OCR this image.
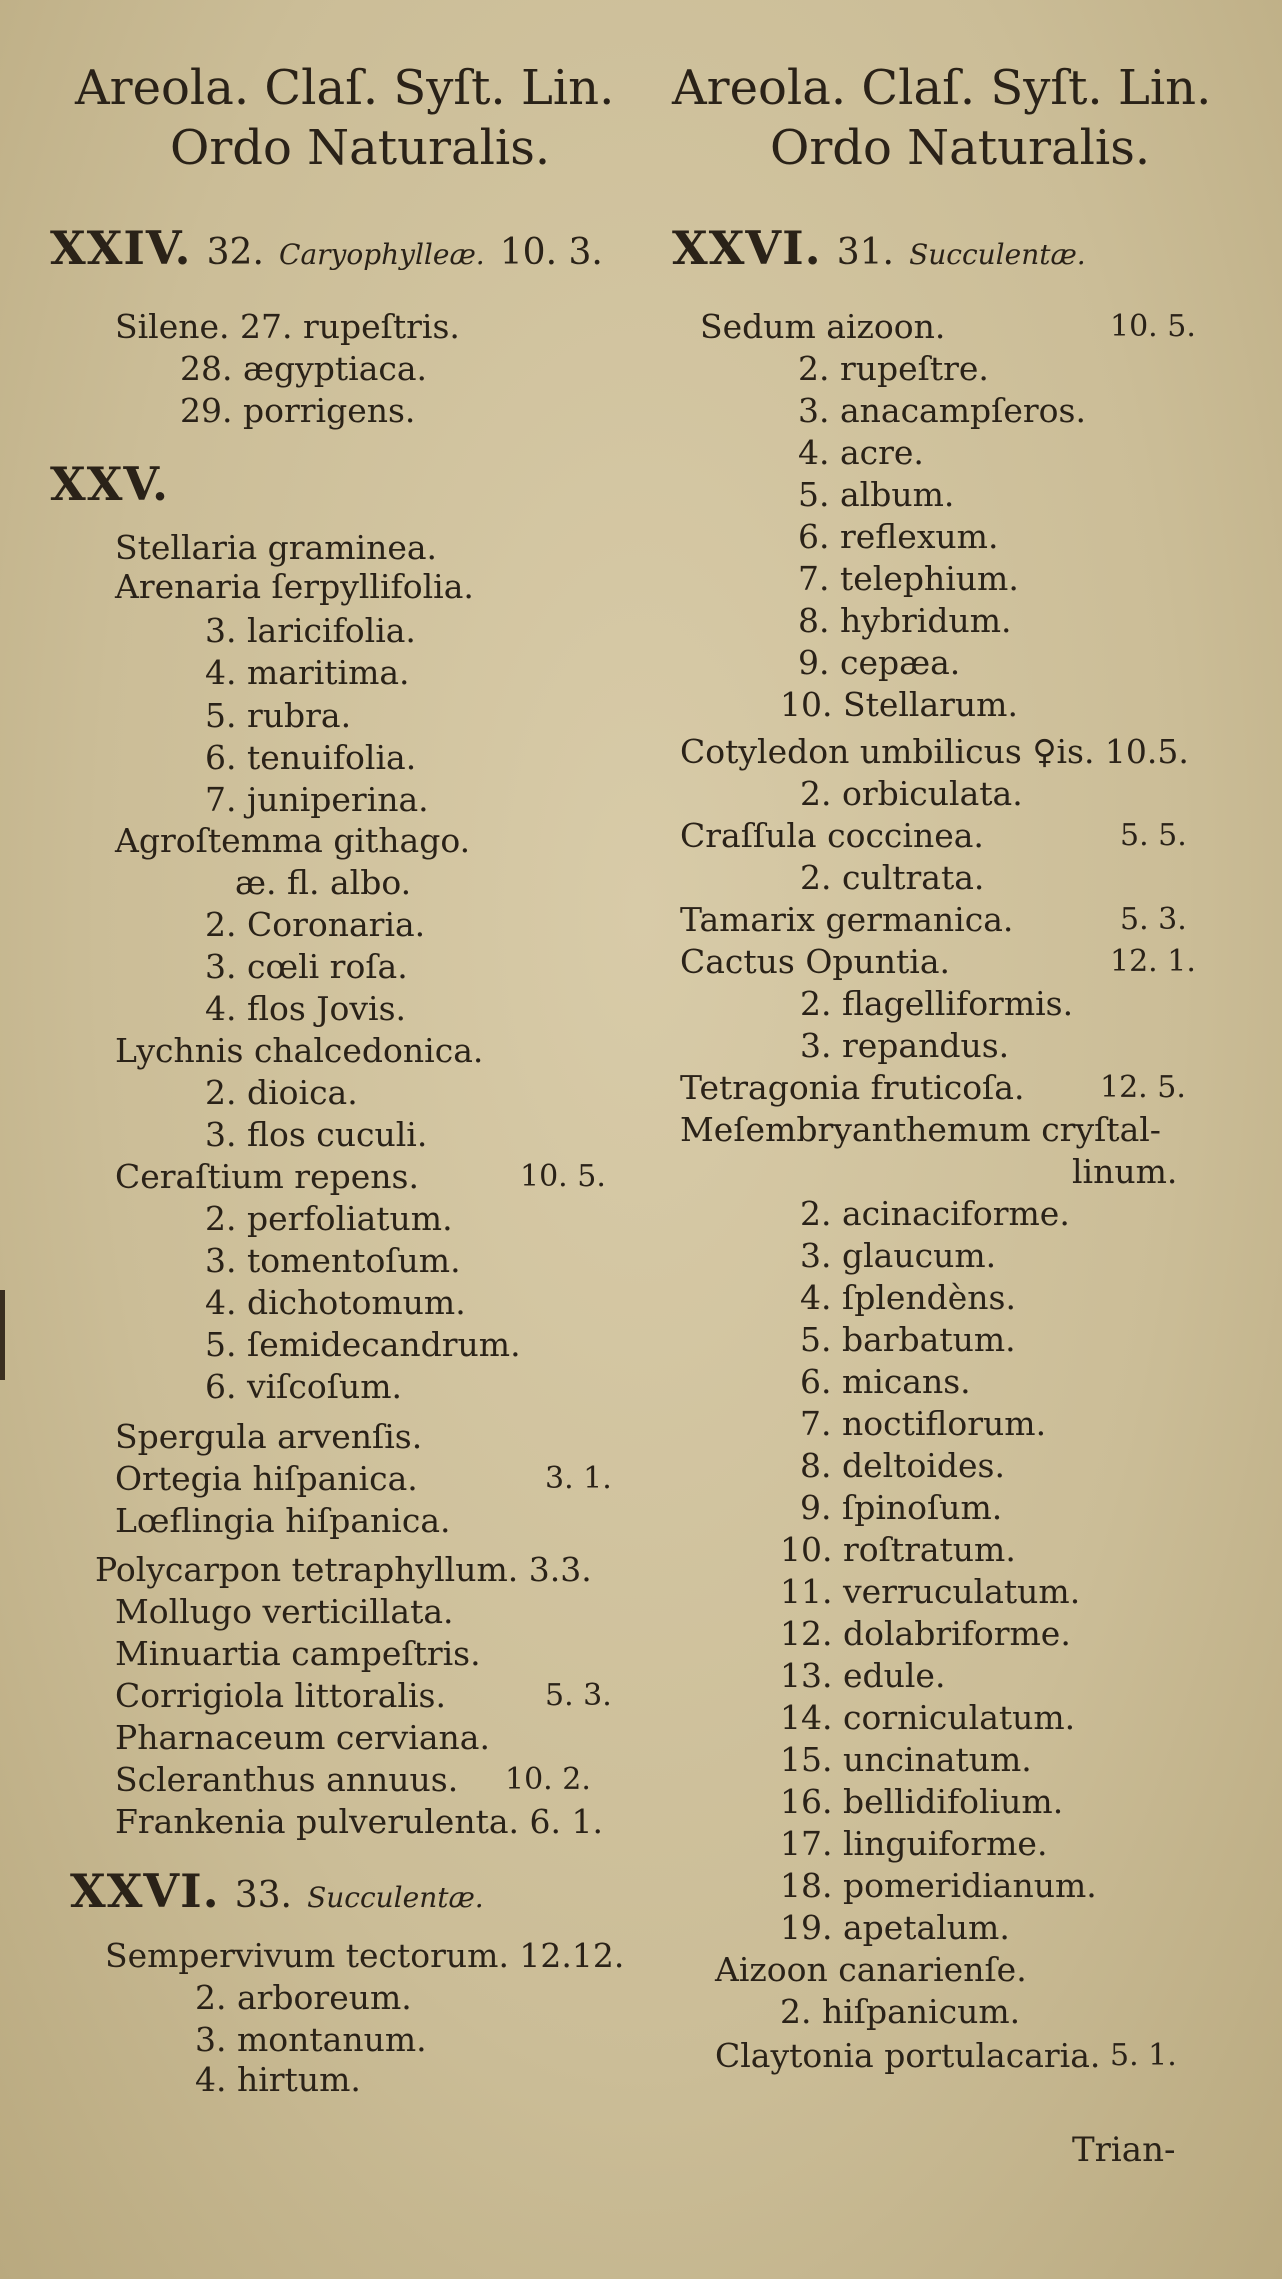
Areola. Claſ. Syſt. Lin.
Ordo Naturalis.
XXIV. 32. Caryophylleæ. 10. 3.
Silene. 27. rupeſtris.
28. ægyptiaca.
29. porrigens.
XXV.
Stellaria graminea.
Arenaria ſerpyllifolia.
3. laricifolia.
4. maritima.
5. rubra.
6. tenuifolia.
7. juniperina.
Agroſtemma githago.
æ. fl. albo.
2. Coronaria.
3. cœli roſa.
4. flos Jovis.
Lychnis chalcedonica.
2. dioica.
3. flos cuculi.
Ceraſtium repens.	10. 5.
2. perfoliatum.
3. tomentoſum.
4. dichotomum.
5. ſemidecandrum.
6. viſcoſum.
Spergula arvenſis.
Ortegia hiſpanica.	3. 1.
Lœflingia hiſpanica.
Polycarpon tetraphyllum. 3.3.
Mollugo verticillata.
Minuartia campeſtris.
Corrigiola littoralis.	5. 3.
Pharnaceum cerviana.
Scleranthus annuus. 10. 2.
Frankenia pulverulenta. 6. 1.
XXVI. 33. Succulentæ.
Sempervivum tectorum. 12.12.
2. arboreum.
3. montanum.
4. hirtum.
Areola. Claſ. Syſt. Lin.
Ordo Naturalis.
XXVI. 31. Succulentæ.
Sedum aizoon.	10. 5.
2. rupeſtre.
3. anacampſeros.
4. acre.
5. album.
6. reflexum.
7. telephium.
8. hybridum.
9. cepæa.
10. Stellarum.
Cotyledon umbilicus ♀is. 10.5.
2. orbiculata.
Craſſula coccinea.	5. 5.
2. cultrata.
Tamarix germanica.	5. 3.
Cactus Opuntia.	12. 1.
2. flagelliformis.
3. repandus.
Tetragonia fruticoſa.	12. 5.
Meſembryanthemum cryſtal-
linum.
2. acinaciforme.
3. glaucum.
4. ſplendèns.
5. barbatum.
6. micans.
7. noctiflorum.
8. deltoides.
9. ſpinoſum.
10. roſtratum.
11. verruculatum.
12. dolabriforme.
13. edule.
14. corniculatum.
15. uncinatum.
16. bellidifolium.
17. linguiforme.
18. pomeridianum.
19. apetalum.
Aizoon canarienſe.
2. hiſpanicum.
Claytonia portulacaria. 5. 1.
Trian-
